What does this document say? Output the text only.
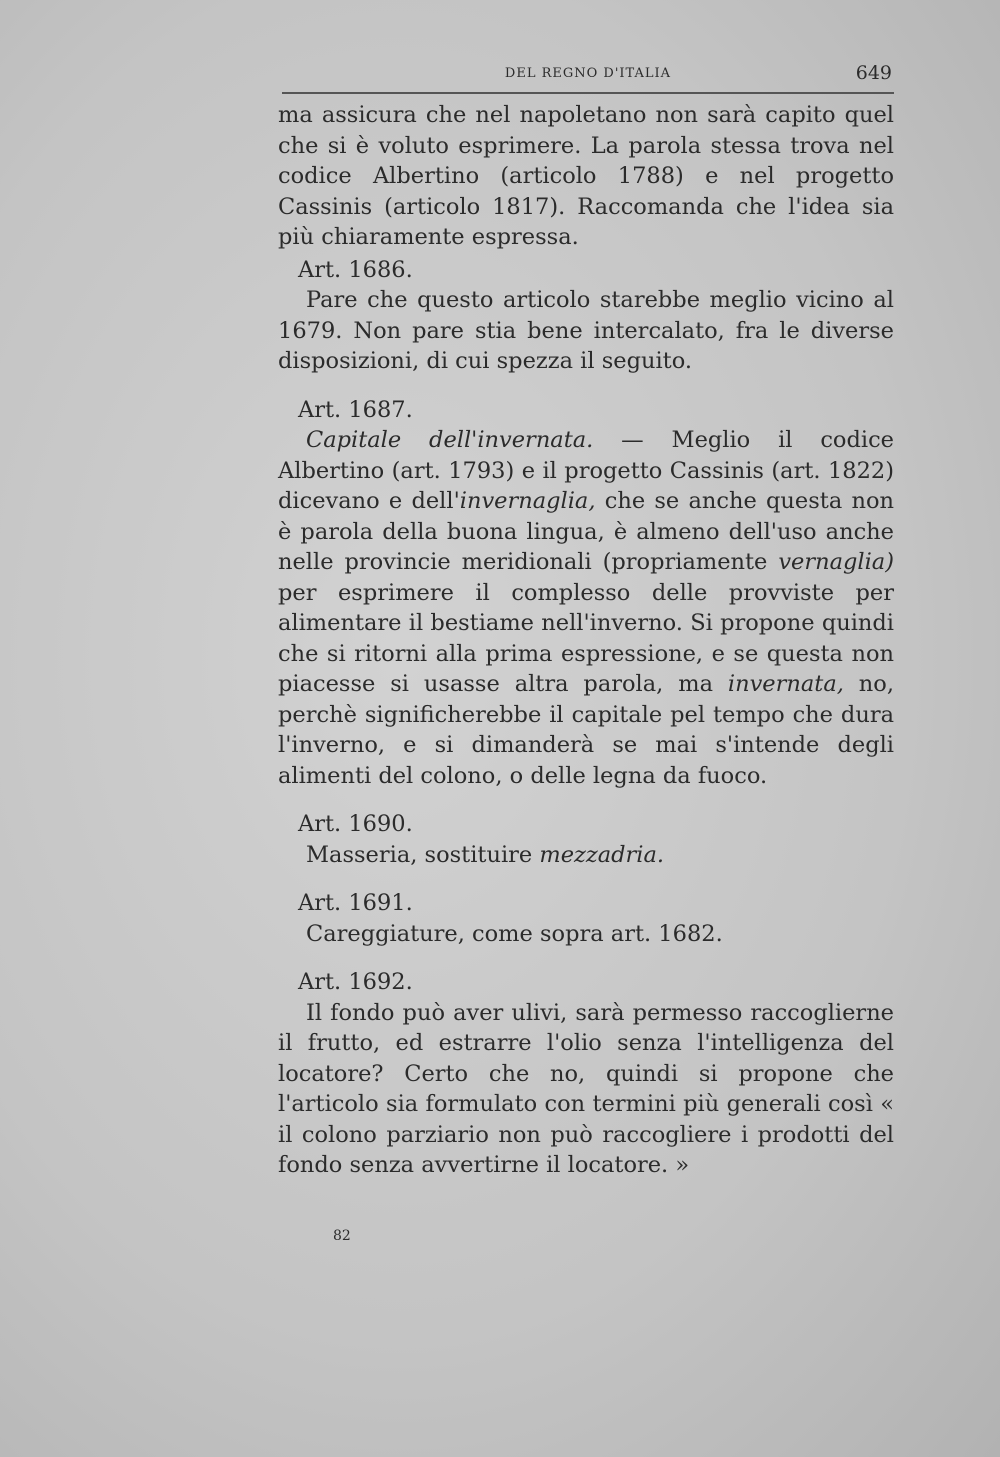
DEL REGNO D'ITALIA	649

ma assicura che nel napoletano non sarà capito quel che si è voluto esprimere. La parola stessa trova nel codice Albertino (articolo 1788) e nel progetto Cassinis (articolo 1817). Raccomanda che l'idea sia più chiaramente espressa.

Art. 1686.

Pare che questo articolo starebbe meglio vicino al 1679. Non pare stia bene intercalato, fra le diverse disposizioni, di cui spezza il seguito.

Art. 1687.

Capitale dell'invernata. — Meglio il codice Albertino (art. 1793) e il progetto Cassinis (art. 1822) dicevano e dell'invernaglia, che se anche questa non è parola della buona lingua, è almeno dell'uso anche nelle provincie meridionali (propriamente vernaglia) per esprimere il complesso delle provviste per alimentare il bestiame nell'inverno. Si propone quindi che si ritorni alla prima espressione, e se questa non piacesse si usasse altra parola, ma invernata, no, perchè significherebbe il capitale pel tempo che dura l'inverno, e si dimanderà se mai s'intende degli alimenti del colono, o delle legna da fuoco.

Art. 1690.

Masseria, sostituire mezzadria.

Art. 1691.

Careggiature, come sopra art. 1682.

Art. 1692.

Il fondo può aver ulivi, sarà permesso raccoglierne il frutto, ed estrarre l'olio senza l'intelligenza del locatore? Certo che no, quindi si propone che l'articolo sia formulato con termini più generali così « il colono parziario non può raccogliere i prodotti del fondo senza avvertirne il locatore. »

82
